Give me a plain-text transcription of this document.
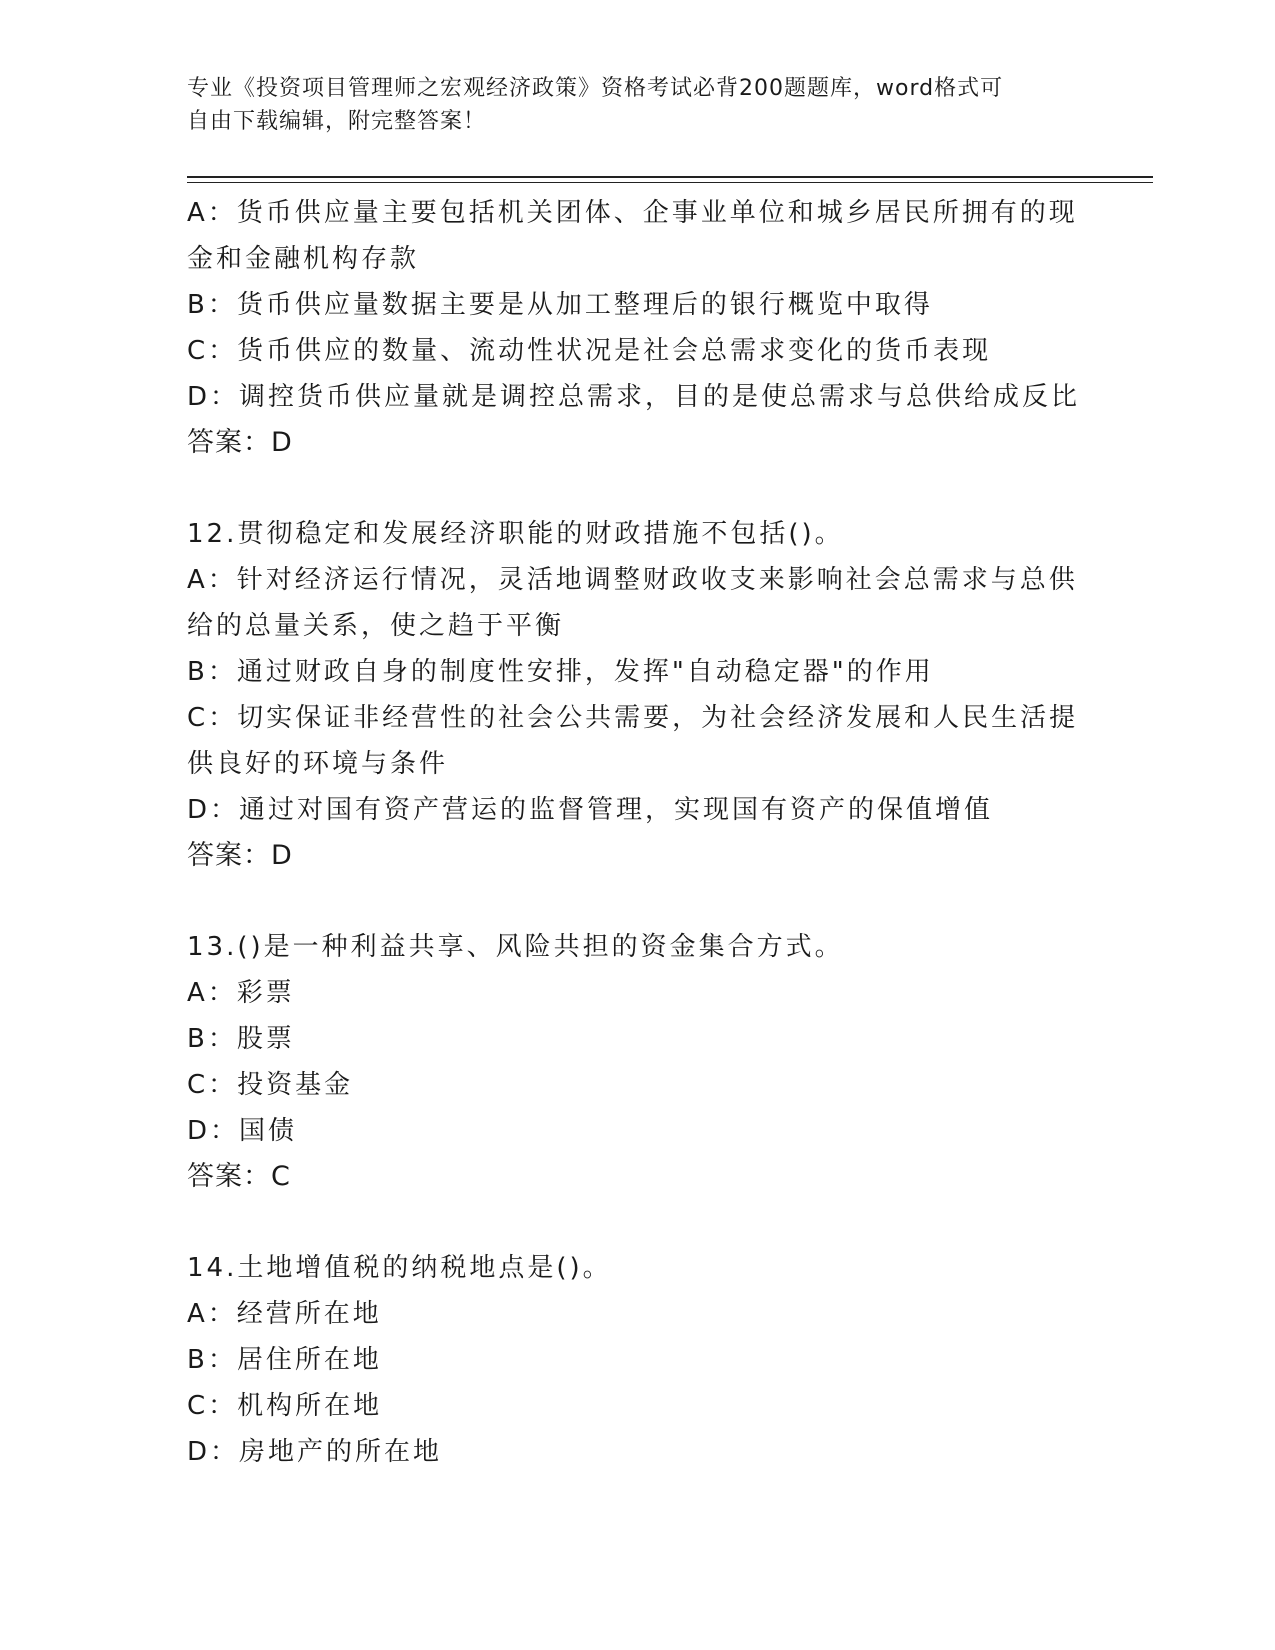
专业《投资项目管理师之宏观经济政策》资格考试必背200题题库，word格式可
自由下载编辑，附完整答案！
A：货币供应量主要包括机关团体、企事业单位和城乡居民所拥有的现
金和金融机构存款
B：货币供应量数据主要是从加工整理后的银行概览中取得
C：货币供应的数量、流动性状况是社会总需求变化的货币表现
D：调控货币供应量就是调控总需求，目的是使总需求与总供给成反比
答案：D
12.贯彻稳定和发展经济职能的财政措施不包括()。
A：针对经济运行情况，灵活地调整财政收支来影响社会总需求与总供
给的总量关系，使之趋于平衡
B：通过财政自身的制度性安排，发挥"自动稳定器"的作用
C：切实保证非经营性的社会公共需要，为社会经济发展和人民生活提
供良好的环境与条件
D：通过对国有资产营运的监督管理，实现国有资产的保值增值
答案：D
13.()是一种利益共享、风险共担的资金集合方式。
A：彩票
B：股票
C：投资基金
D：国债
答案：C
14.土地增值税的纳税地点是()。
A：经营所在地
B：居住所在地
C：机构所在地
D：房地产的所在地
